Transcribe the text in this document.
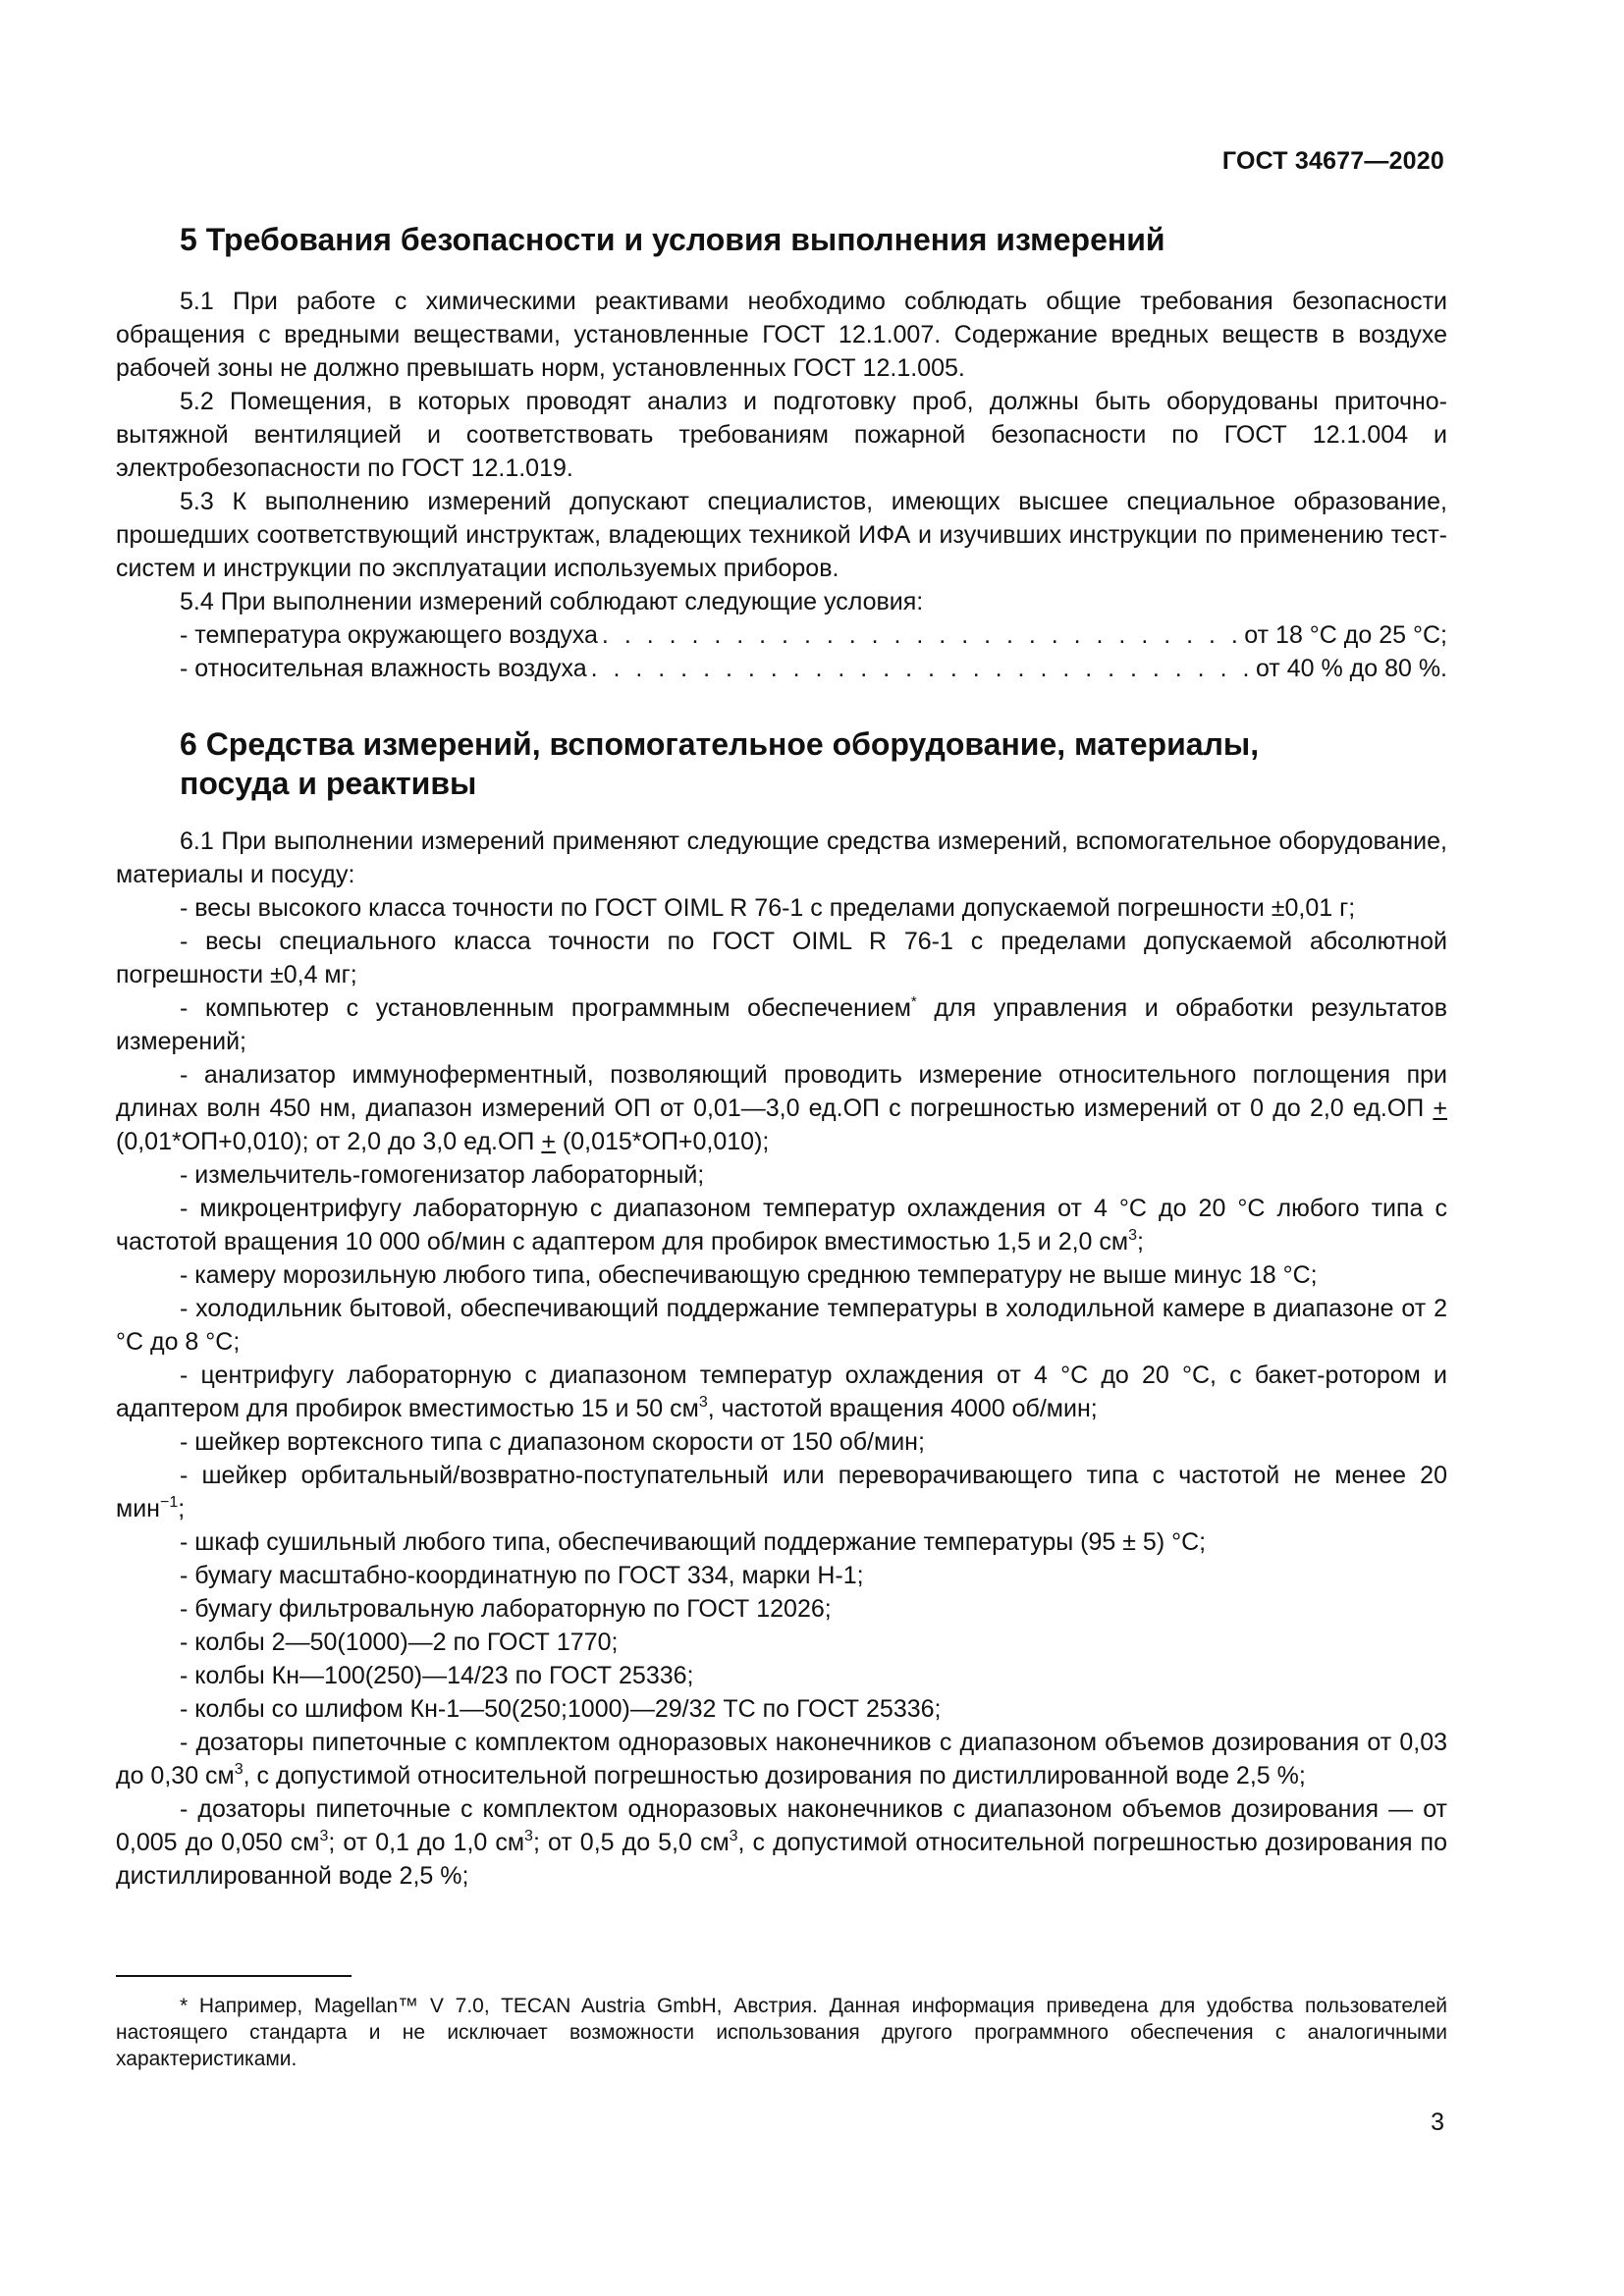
ГОСТ 34677—2020
5 Требования безопасности и условия выполнения измерений

5.1 При работе с химическими реактивами необходимо соблюдать общие требования безопасности обращения с вредными веществами, установленные ГОСТ 12.1.007. Содержание вредных веществ в воздухе рабочей зоны не должно превышать норм, установленных ГОСТ 12.1.005.

5.2 Помещения, в которых проводят анализ и подготовку проб, должны быть оборудованы приточно-вытяжной вентиляцией и соответствовать требованиям пожарной безопасности по ГОСТ 12.1.004 и электробезопасности по ГОСТ 12.1.019.

5.3 К выполнению измерений допускают специалистов, имеющих высшее специальное образование, прошедших соответствующий инструктаж, владеющих техникой ИФА и изучивших инструкции по применению тест-систем и инструкции по эксплуатации используемых приборов.

5.4 При выполнении измерений соблюдают следующие условия:

- температура окружающего воздуха . . .	от 18 °C до 25 °C;
- относительная влажность воздуха . . .	от 40 % до 80 %.
6 Средства измерений, вспомогательное оборудование, материалы,
посуда и реактивы

6.1 При выполнении измерений применяют следующие средства измерений, вспомогательное оборудование, материалы и посуду:

- весы высокого класса точности по ГОСТ OIML R 76-1 с пределами допускаемой погрешности ±0,01 г;

- весы специального класса точности по ГОСТ OIML R 76-1 с пределами допускаемой абсолютной погрешности ±0,4 мг;

- компьютер с установленным программным обеспечением* для управления и обработки результатов измерений;

- анализатор иммуноферментный, позволяющий проводить измерение относительного поглощения при длинах волн 450 нм, диапазон измерений ОП от 0,01—3,0 ед.ОП с погрешностью измерений от 0 до 2,0 ед.ОП + (0,01*ОП+0,010); от 2,0 до 3,0 ед.ОП + (0,015*ОП+0,010);

- измельчитель-гомогенизатор лабораторный;

- микроцентрифугу лабораторную с диапазоном температур охлаждения от 4 °C до 20 °C любого типа с частотой вращения 10 000 об/мин с адаптером для пробирок вместимостью 1,5 и 2,0 $см^3$;

- камеру морозильную любого типа, обеспечивающую среднюю температуру не выше минус 18 °C;

- холодильник бытовой, обеспечивающий поддержание температуры в холодильной камере в диапазоне от 2 °C до 8 °C;

- центрифугу лабораторную с диапазоном температур охлаждения от 4 °C до 20 °C, с бакет-ротором и адаптером для пробирок вместимостью 15 и 50 $см^3$, частотой вращения 4000 об/мин;

- шейкер вортексного типа с диапазоном скорости от 150 об/мин;

- шейкер орбитальный/возвратно-поступательный или переворачивающего типа с частотой не менее 20 мин$^{-1}$;

- шкаф сушильный любого типа, обеспечивающий поддержание температуры (95 ± 5) °C;

- бумагу масштабно-координатную по ГОСТ 334, марки Н-1;

- бумагу фильтровальную лабораторную по ГОСТ 12026;

- колбы 2—50(1000)—2 по ГОСТ 1770;

- колбы Кн—100(250)—14/23 по ГОСТ 25336;

- колбы со шлифом Кн-1—50(250;1000)—29/32 ТС по ГОСТ 25336;

- дозаторы пипеточные с комплектом одноразовых наконечников с диапазоном объемов дозирования от 0,03 до 0,30 $см^3$, с допустимой относительной погрешностью дозирования по дистиллированной воде 2,5 %;

- дозаторы пипеточные с комплектом одноразовых наконечников с диапазоном объемов дозирования — от 0,005 до 0,050 $см^3$; от 0,1 до 1,0 $см^3$; от 0,5 до 5,0 $см^3$, с допустимой относительной погрешностью дозирования по дистиллированной воде 2,5 %;

* Например, Magellan™ V 7.0, TECAN Austria GmbH, Австрия. Данная информация приведена для удобства пользователей настоящего стандарта и не исключает возможности использования другого программного обеспечения с аналогичными характеристиками.

3
